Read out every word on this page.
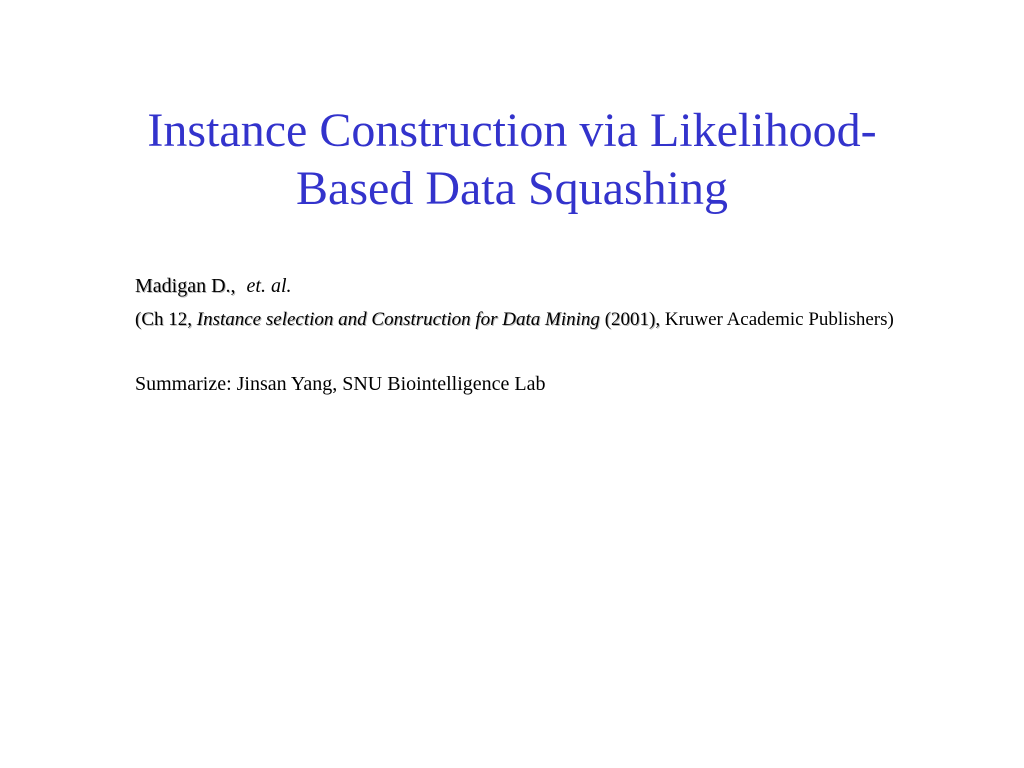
Instance Construction via Likelihood-
Based Data Squashing

Madigan D., et. al.

(Ch 12, Instance selection and Construction for Data Mining (2001), Kruwer Academic Publishers)

Summarize: Jinsan Yang, SNU Biointelligence Lab
